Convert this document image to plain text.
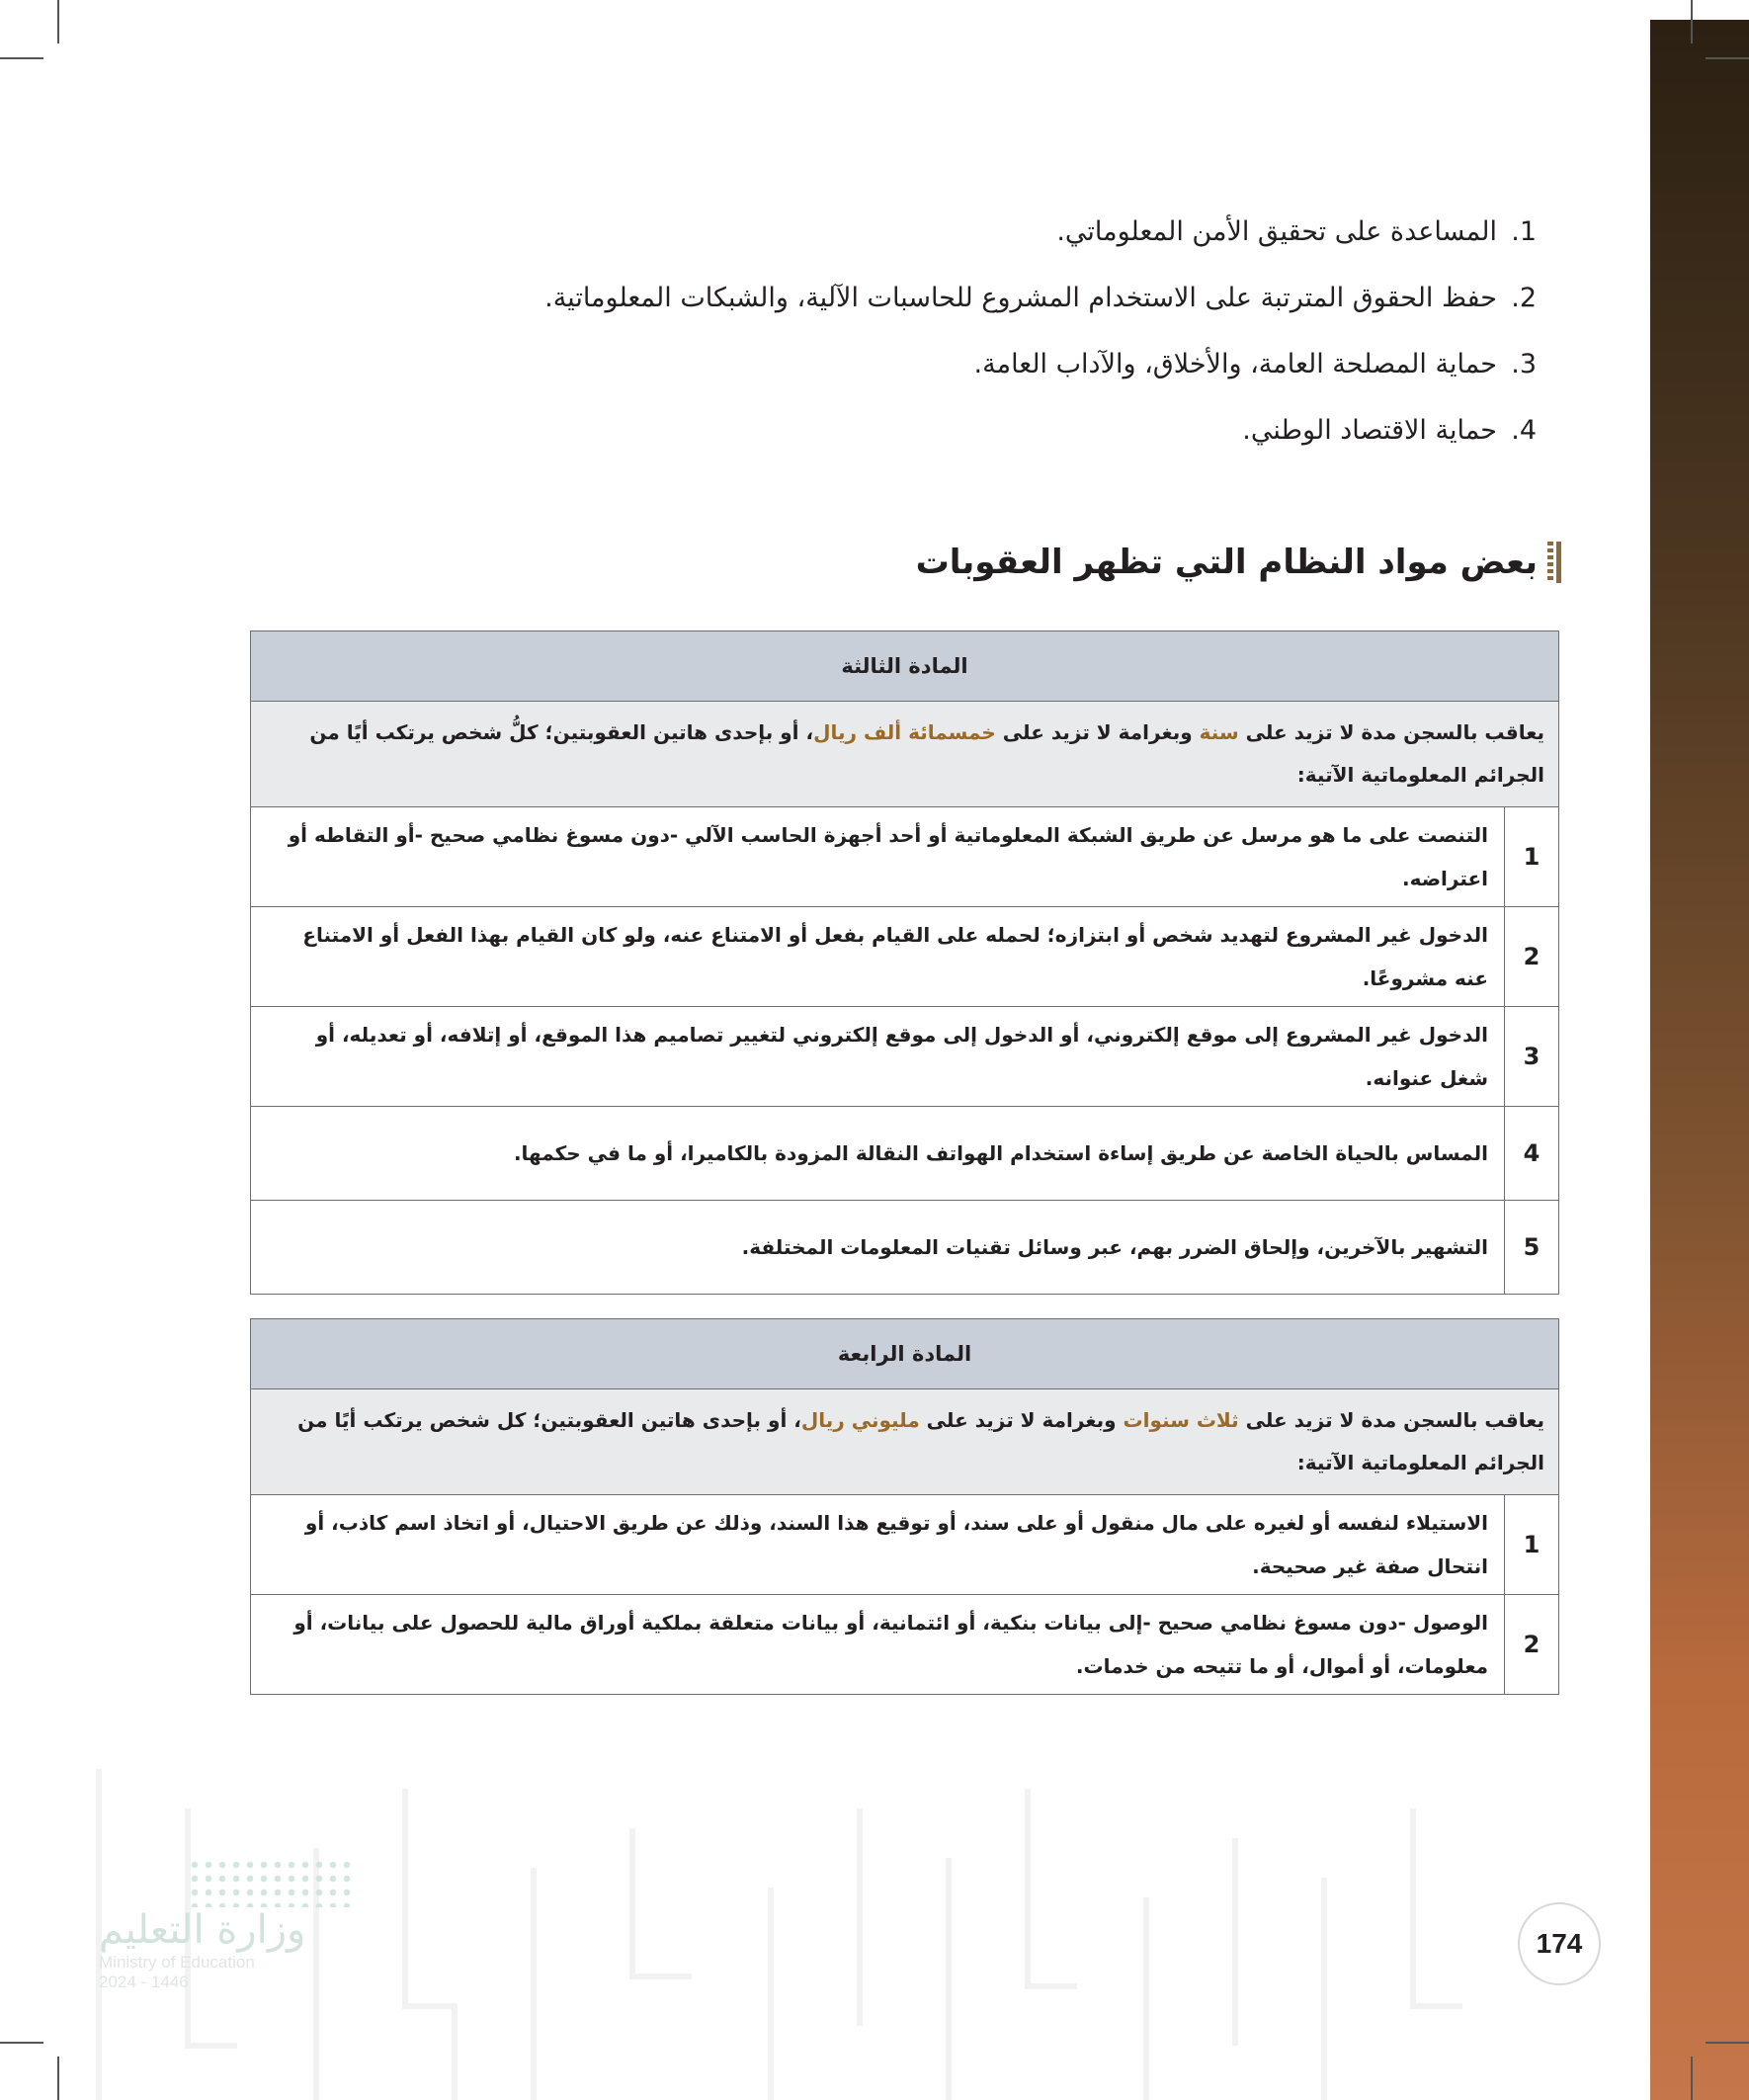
1.
المساعدة على تحقيق الأمن المعلوماتي.
2.
حفظ الحقوق المترتبة على الاستخدام المشروع للحاسبات الآلية، والشبكات المعلوماتية.
3.
حماية المصلحة العامة، والأخلاق، والآداب العامة.
4.
حماية الاقتصاد الوطني.
بعض مواد النظام التي تظهر العقوبات
المادة الثالثة	
يعاقب بالسجن مدة لا تزيد على سنة وبغرامة لا تزيد على خمسمائة ألف ريال، أو بإحدى هاتين العقوبتين؛ كلُّ شخص يرتكب أيًا من الجرائم المعلوماتية الآتية:	
1	التنصت على ما هو مرسل عن طريق الشبكة المعلوماتية أو أحد أجهزة الحاسب الآلي -دون مسوغ نظامي صحيح -أو التقاطه أو اعتراضه.
2	الدخول غير المشروع لتهديد شخص أو ابتزازه؛ لحمله على القيام بفعل أو الامتناع عنه، ولو كان القيام بهذا الفعل أو الامتناع عنه مشروعًا.
3	الدخول غير المشروع إلى موقع إلكتروني، أو الدخول إلى موقع إلكتروني لتغيير تصاميم هذا الموقع، أو إتلافه، أو تعديله، أو شغل عنوانه.
4	المساس بالحياة الخاصة عن طريق إساءة استخدام الهواتف النقالة المزودة بالكاميرا، أو ما في حكمها.
5	التشهير بالآخرين، وإلحاق الضرر بهم، عبر وسائل تقنيات المعلومات المختلفة.
المادة الرابعة	
يعاقب بالسجن مدة لا تزيد على ثلاث سنوات وبغرامة لا تزيد على مليوني ريال، أو بإحدى هاتين العقوبتين؛ كل شخص يرتكب أيًا من الجرائم المعلوماتية الآتية:	
1	الاستيلاء لنفسه أو لغيره على مال منقول أو على سند، أو توقيع هذا السند، وذلك عن طريق الاحتيال، أو اتخاذ اسم كاذب، أو انتحال صفة غير صحيحة.
2	الوصول -دون مسوغ نظامي صحيح -إلى بيانات بنكية، أو ائتمانية، أو بيانات متعلقة بملكية أوراق مالية للحصول على بيانات، أو معلومات، أو أموال، أو ما تتيحه من خدمات.
وزارة التعليم
Ministry of Education
2024 - 1446
174
